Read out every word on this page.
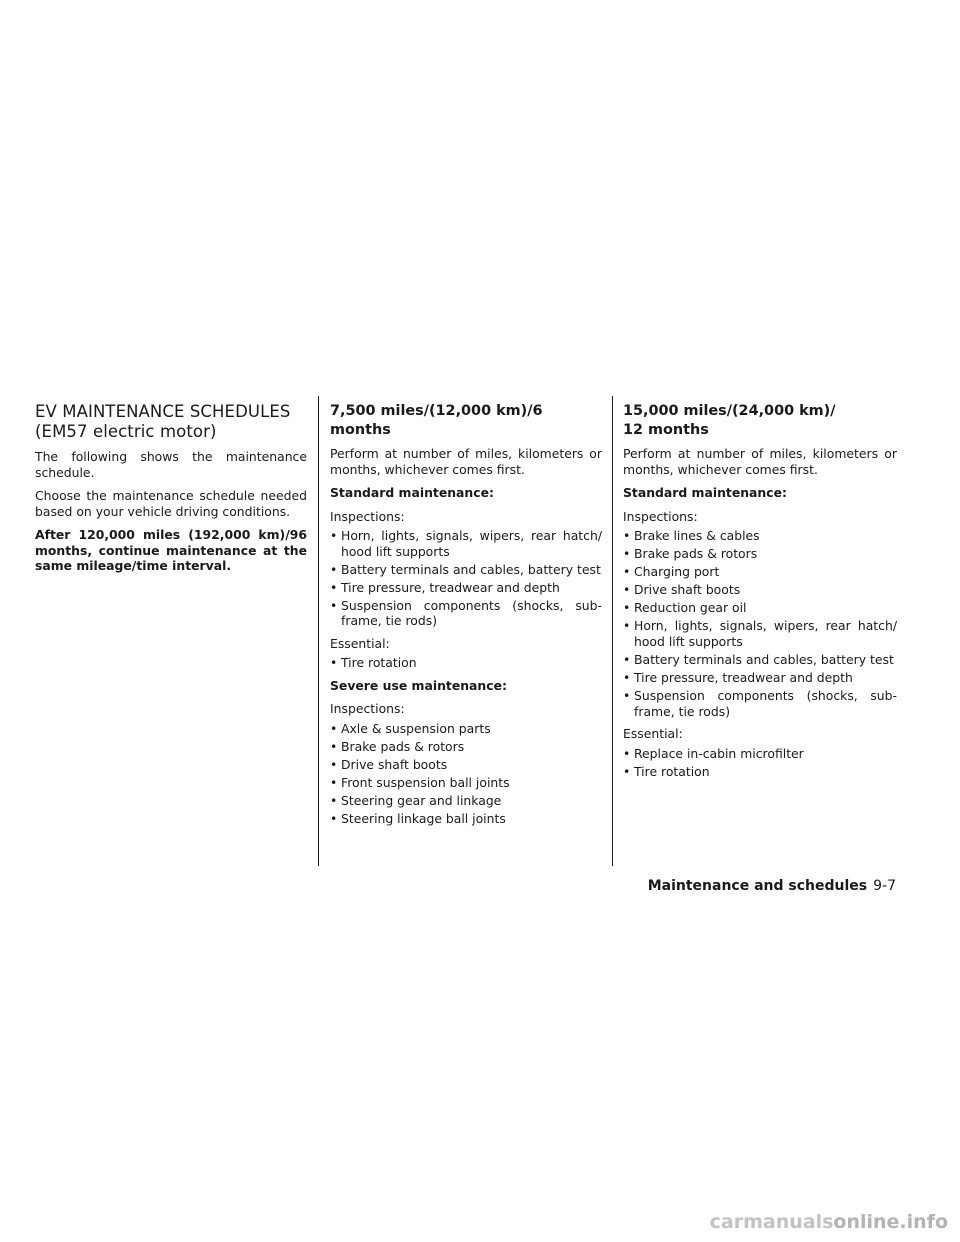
EV MAINTENANCE SCHEDULES
(EM57 electric motor)

The following shows the maintenance schedule.

Choose the maintenance schedule needed based on your vehicle driving conditions.

After 120,000 miles (192,000 km)/96 months, continue maintenance at the same mileage/time interval.

7,500 miles/(12,000 km)/6 months

Perform at number of miles, kilometers or months, whichever comes first.

Standard maintenance:

Inspections:

• Horn, lights, signals, wipers, rear hatch/ hood lift supports
• Battery terminals and cables, battery test
• Tire pressure, treadwear and depth
• Suspension components (shocks, sub-frame, tie rods)

Essential:

• Tire rotation

Severe use maintenance:

Inspections:

• Axle & suspension parts
• Brake pads & rotors
• Drive shaft boots
• Front suspension ball joints
• Steering gear and linkage
• Steering linkage ball joints
15,000 miles/(24,000 km)/
12 months

Perform at number of miles, kilometers or months, whichever comes first.

Standard maintenance:

Inspections:

• Brake lines & cables
• Brake pads & rotors
• Charging port
• Drive shaft boots
• Reduction gear oil
• Horn, lights, signals, wipers, rear hatch/ hood lift supports
• Battery terminals and cables, battery test
• Tire pressure, treadwear and depth
• Suspension components (shocks, sub-frame, tie rods)

Essential:

• Replace in-cabin microfilter
• Tire rotation
Maintenance and schedules 9-7
carmanualsonline.info
